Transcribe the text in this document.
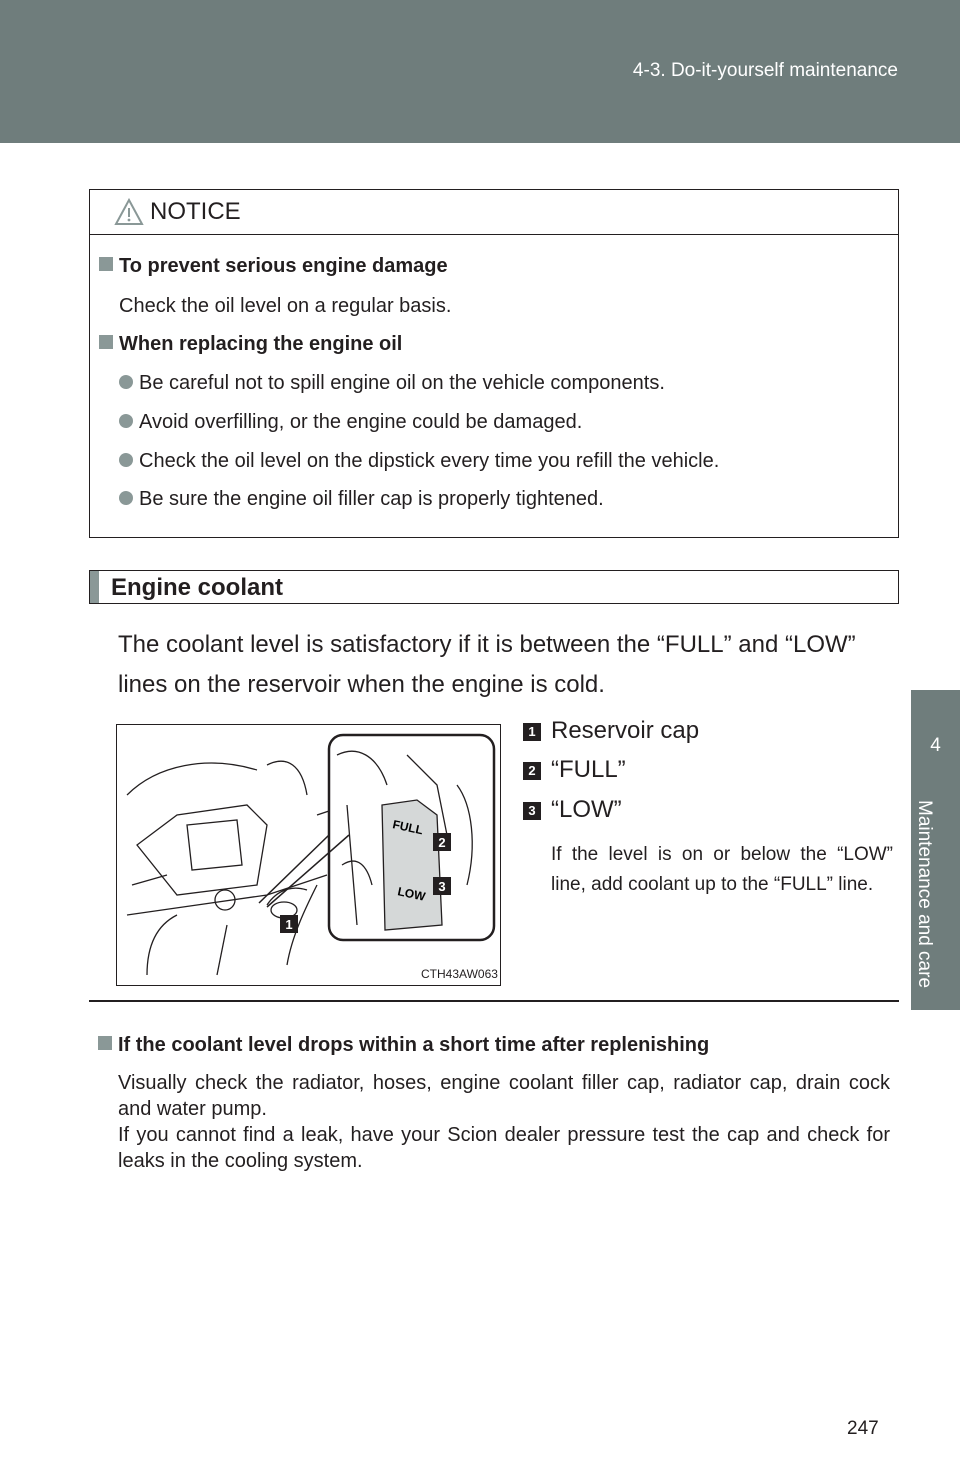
4-3. Do-it-yourself maintenance
4
Maintenance and care
NOTICE
To prevent serious engine damage
Check the oil level on a regular basis.
When replacing the engine oil
Be careful not to spill engine oil on the vehicle components.
Avoid overfilling, or the engine could be damaged.
Check the oil level on the dipstick every time you refill the vehicle.
Be sure the engine oil filler cap is properly tightened.
Engine coolant
The coolant level is satisfactory if it is between the “FULL” and “LOW” lines on the reservoir when the engine is cold.
FULL
LOW
1
2
3
CTH43AW063
1 Reservoir cap
2 “FULL”
3 “LOW”
If the level is on or below the “LOW” line, add coolant up to the “FULL” line.
If the coolant level drops within a short time after replenishing
Visually check the radiator, hoses, engine coolant filler cap, radiator cap, drain cock and water pump.
If you cannot find a leak, have your Scion dealer pressure test the cap and check for leaks in the cooling system.
247
